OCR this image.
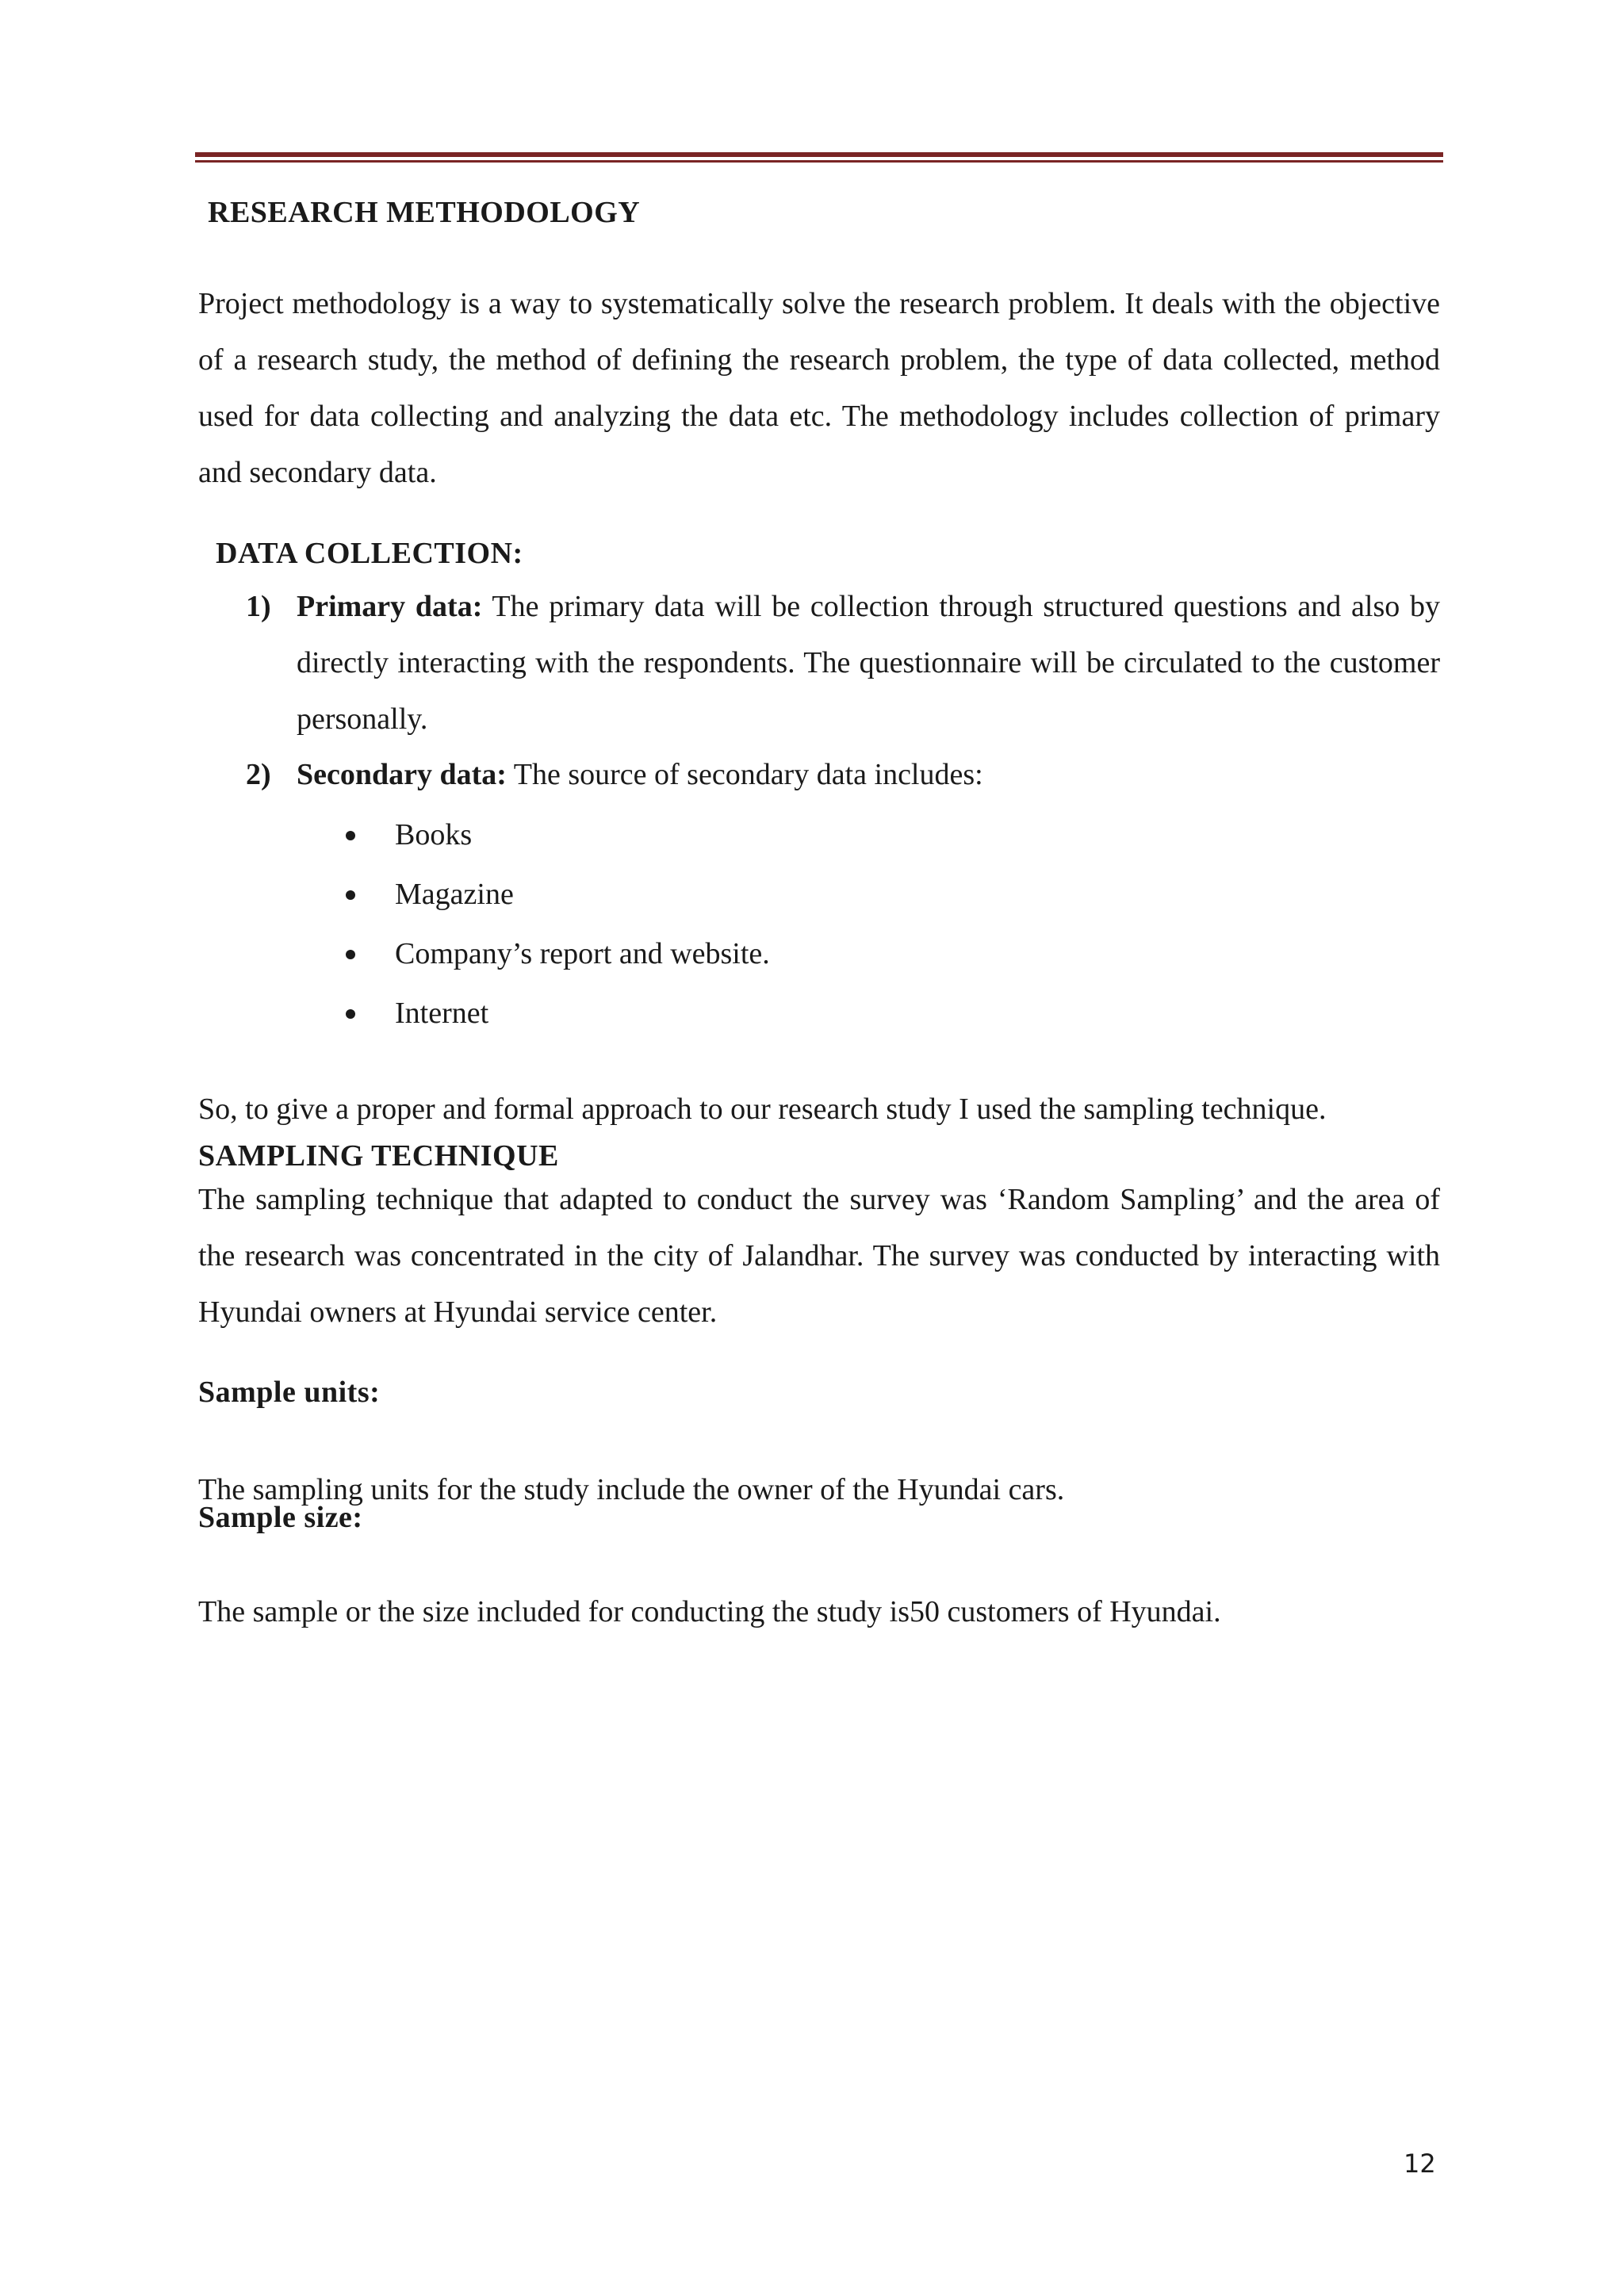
RESEARCH METHODOLOGY

Project methodology is a way to systematically solve the research problem. It deals with the objective of a research study, the method of defining the research problem, the type of data collected, method used for data collecting and analyzing the data etc. The methodology includes collection of primary and secondary data.

DATA COLLECTION:
1) Primary data: The primary data will be collection through structured questions and also by directly interacting with the respondents. The questionnaire will be circulated to the customer personally.
2) Secondary data: The source of secondary data includes:
Books
Magazine
Company’s report and website.
Internet

So, to give a proper and formal approach to our research study I used the sampling technique.

SAMPLING TECHNIQUE

The sampling technique that adapted to conduct the survey was ‘Random Sampling’ and the area of the research was concentrated in the city of Jalandhar. The survey was conducted by interacting with Hyundai owners at Hyundai service center.

Sample units:

The sampling units for the study include the owner of the Hyundai cars.

Sample size:

The sample or the size included for conducting the study is50 customers of Hyundai.

12
